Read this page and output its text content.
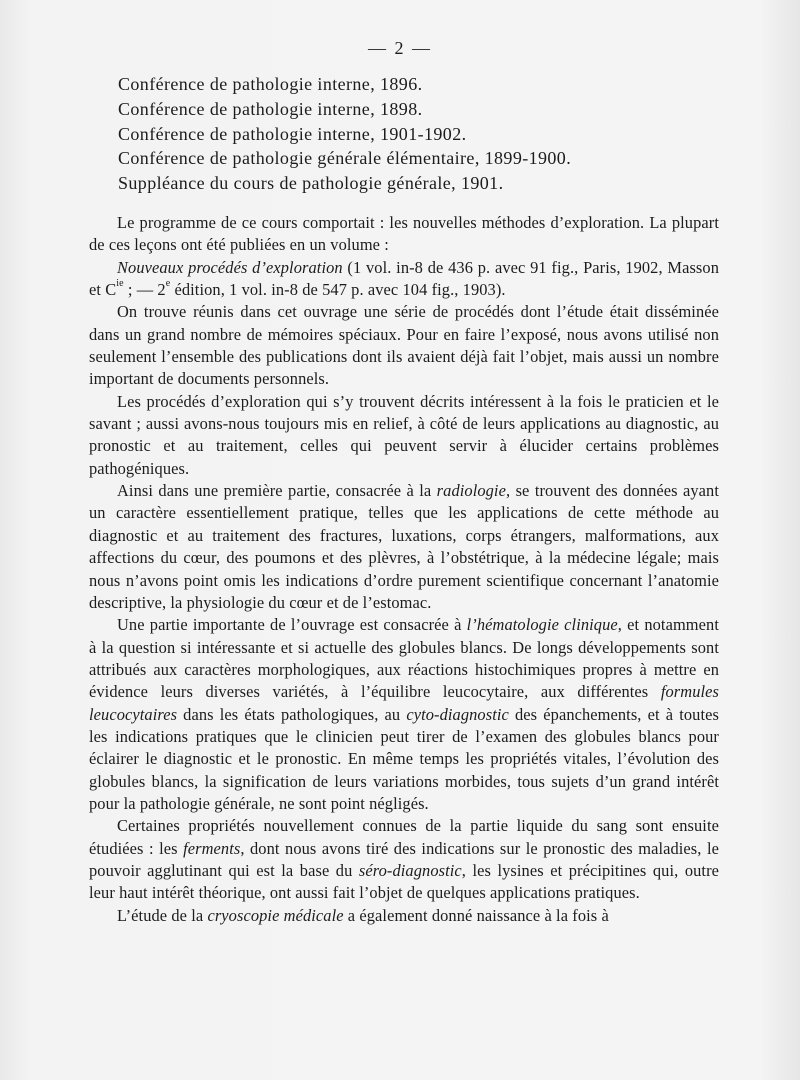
— 2 —
Conférence de pathologie interne, 1896.
Conférence de pathologie interne, 1898.
Conférence de pathologie interne, 1901-1902.
Conférence de pathologie générale élémentaire, 1899-1900.
Suppléance du cours de pathologie générale, 1901.

Le programme de ce cours comportait : les nouvelles méthodes d’exploration. La plupart de ces leçons ont été publiées en un volume :

Nouveaux procédés d’exploration (1 vol. in-8 de 436 p. avec 91 fig., Paris, 1902, Masson et $C^{ie}$ ; — 2e édition, 1 vol. in-8 de 547 p. avec 104 fig., 1903).

On trouve réunis dans cet ouvrage une série de procédés dont l’étude était disséminée dans un grand nombre de mémoires spéciaux. Pour en faire l’exposé, nous avons utilisé non seulement l’ensemble des publications dont ils avaient déjà fait l’objet, mais aussi un nombre important de documents personnels.

Les procédés d’exploration qui s’y trouvent décrits intéressent à la fois le praticien et le savant ; aussi avons-nous toujours mis en relief, à côté de leurs applications au diagnostic, au pronostic et au traitement, celles qui peuvent servir à élucider certains problèmes pathogéniques.

Ainsi dans une première partie, consacrée à la radiologie, se trouvent des données ayant un caractère essentiellement pratique, telles que les applications de cette méthode au diagnostic et au traitement des fractures, luxations, corps étrangers, malformations, aux affections du cœur, des poumons et des plèvres, à l’obstétrique, à la médecine légale; mais nous n’avons point omis les indications d’ordre purement scientifique concernant l’anatomie descriptive, la physiologie du cœur et de l’estomac.

Une partie importante de l’ouvrage est consacrée à l’hématologie clinique, et notamment à la question si intéressante et si actuelle des globules blancs. De longs développements sont attribués aux caractères morphologiques, aux réactions histochimiques propres à mettre en évidence leurs diverses variétés, à l’équilibre leucocytaire, aux différentes formules leucocytaires dans les états pathologiques, au cyto-diagnostic des épanchements, et à toutes les indications pratiques que le clinicien peut tirer de l’examen des globules blancs pour éclairer le diagnostic et le pronostic. En même temps les propriétés vitales, l’évolution des globules blancs, la signification de leurs variations morbides, tous sujets d’un grand intérêt pour la pathologie générale, ne sont point négligés.

Certaines propriétés nouvellement connues de la partie liquide du sang sont ensuite étudiées : les ferments, dont nous avons tiré des indications sur le pronostic des maladies, le pouvoir agglutinant qui est la base du séro-diagnostic, les lysines et précipitines qui, outre leur haut intérêt théorique, ont aussi fait l’objet de quelques applications pratiques.

L’étude de la cryoscopie médicale a également donné naissance à la fois à
